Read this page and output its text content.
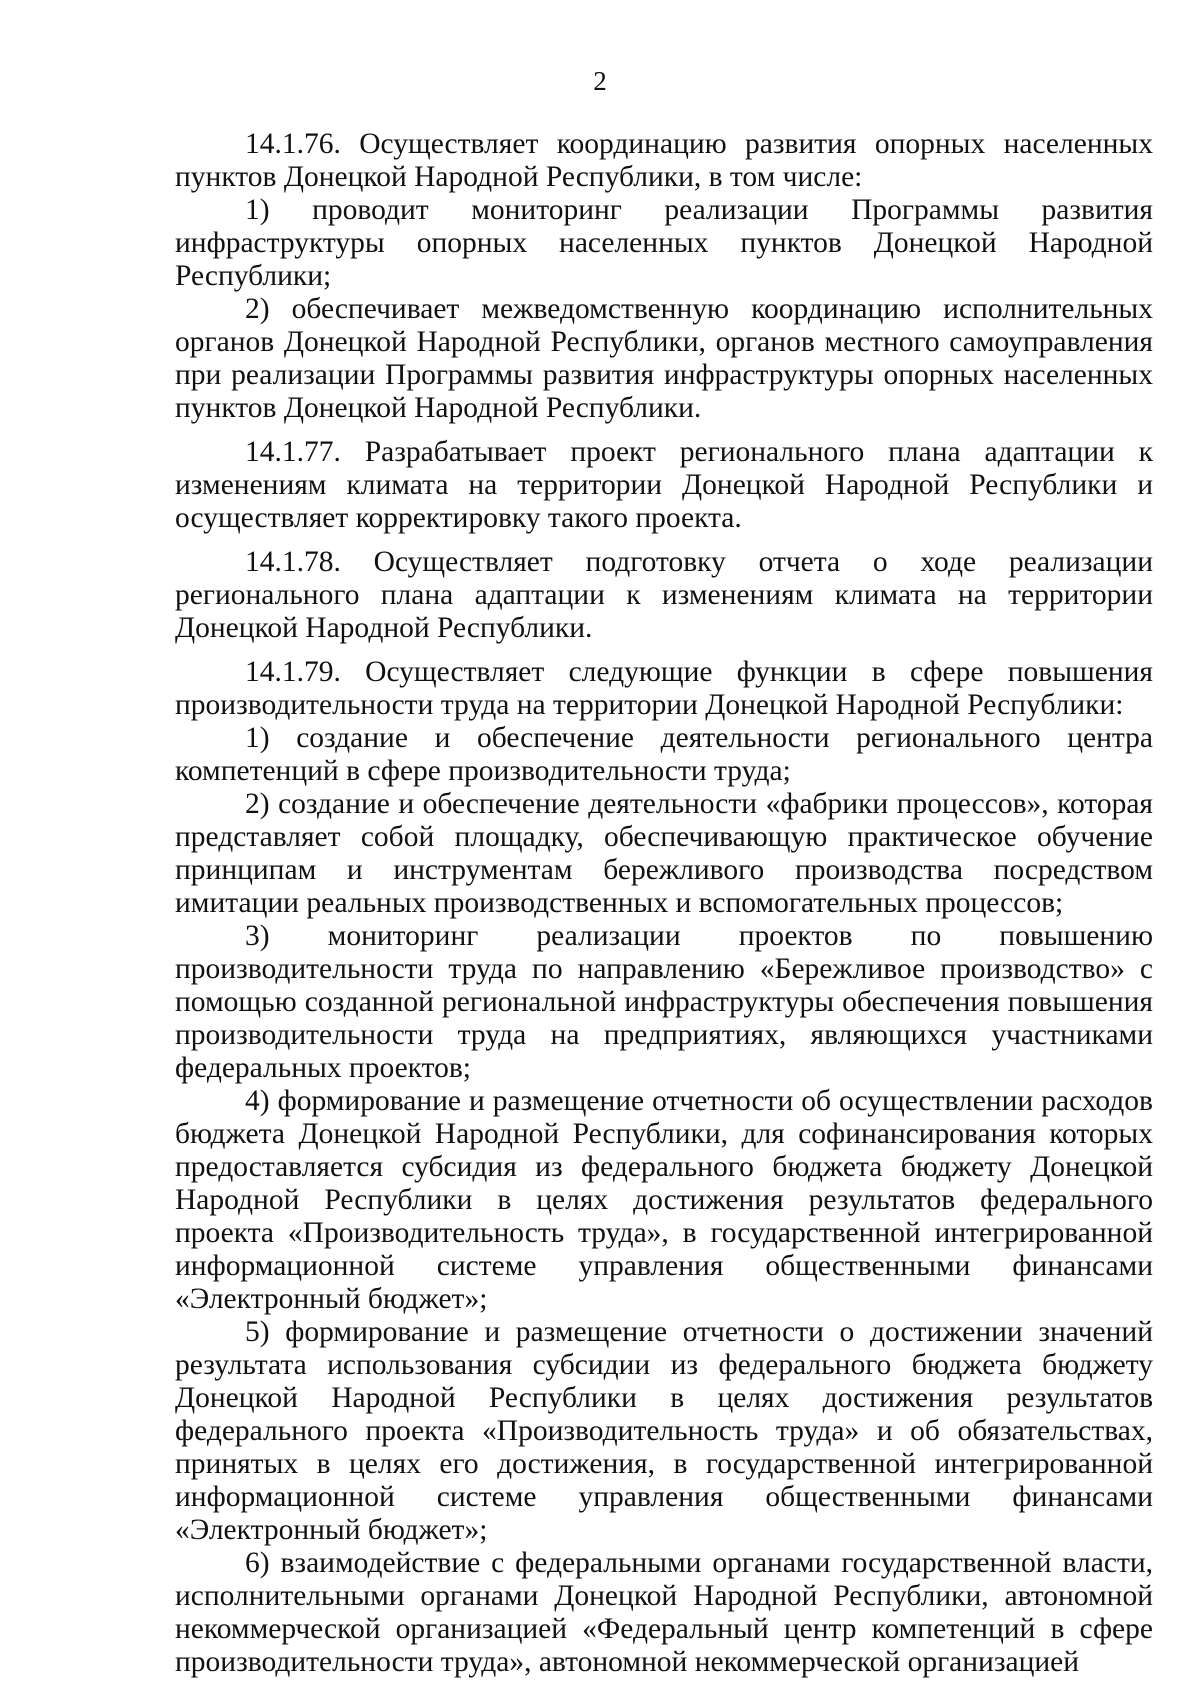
2

14.1.76. Осуществляет координацию развития опорных населенных пунктов Донецкой Народной Республики, в том числе:

1) проводит мониторинг реализации Программы развития инфраструктуры опорных населенных пунктов Донецкой Народной Республики;

2) обеспечивает межведомственную координацию исполнительных органов Донецкой Народной Республики, органов местного самоуправления при реализации Программы развития инфраструктуры опорных населенных пунктов Донецкой Народной Республики.

14.1.77. Разрабатывает проект регионального плана адаптации к изменениям климата на территории Донецкой Народной Республики и осуществляет корректировку такого проекта.

14.1.78. Осуществляет подготовку отчета о ходе реализации регионального плана адаптации к изменениям климата на территории Донецкой Народной Республики.

14.1.79. Осуществляет следующие функции в сфере повышения производительности труда на территории Донецкой Народной Республики:

1) создание и обеспечение деятельности регионального центра компетенций в сфере производительности труда;

2) создание и обеспечение деятельности «фабрики процессов», которая представляет собой площадку, обеспечивающую практическое обучение принципам и инструментам бережливого производства посредством имитации реальных производственных и вспомогательных процессов;

3) мониторинг реализации проектов по повышению производительности труда по направлению «Бережливое производство» с помощью созданной региональной инфраструктуры обеспечения повышения производительности труда на предприятиях, являющихся участниками федеральных проектов;

4) формирование и размещение отчетности об осуществлении расходов бюджета Донецкой Народной Республики, для софинансирования которых предоставляется субсидия из федерального бюджета бюджету Донецкой Народной Республики в целях достижения результатов федерального проекта «Производительность труда», в государственной интегрированной информационной системе управления общественными финансами «Электронный бюджет»;

5) формирование и размещение отчетности о достижении значений результата использования субсидии из федерального бюджета бюджету Донецкой Народной Республики в целях достижения результатов федерального проекта «Производительность труда» и об обязательствах, принятых в целях его достижения, в государственной интегрированной информационной системе управления общественными финансами «Электронный бюджет»;

6) взаимодействие с федеральными органами государственной власти, исполнительными органами Донецкой Народной Республики, автономной некоммерческой организацией «Федеральный центр компетенций в сфере производительности труда», автономной некоммерческой организацией
